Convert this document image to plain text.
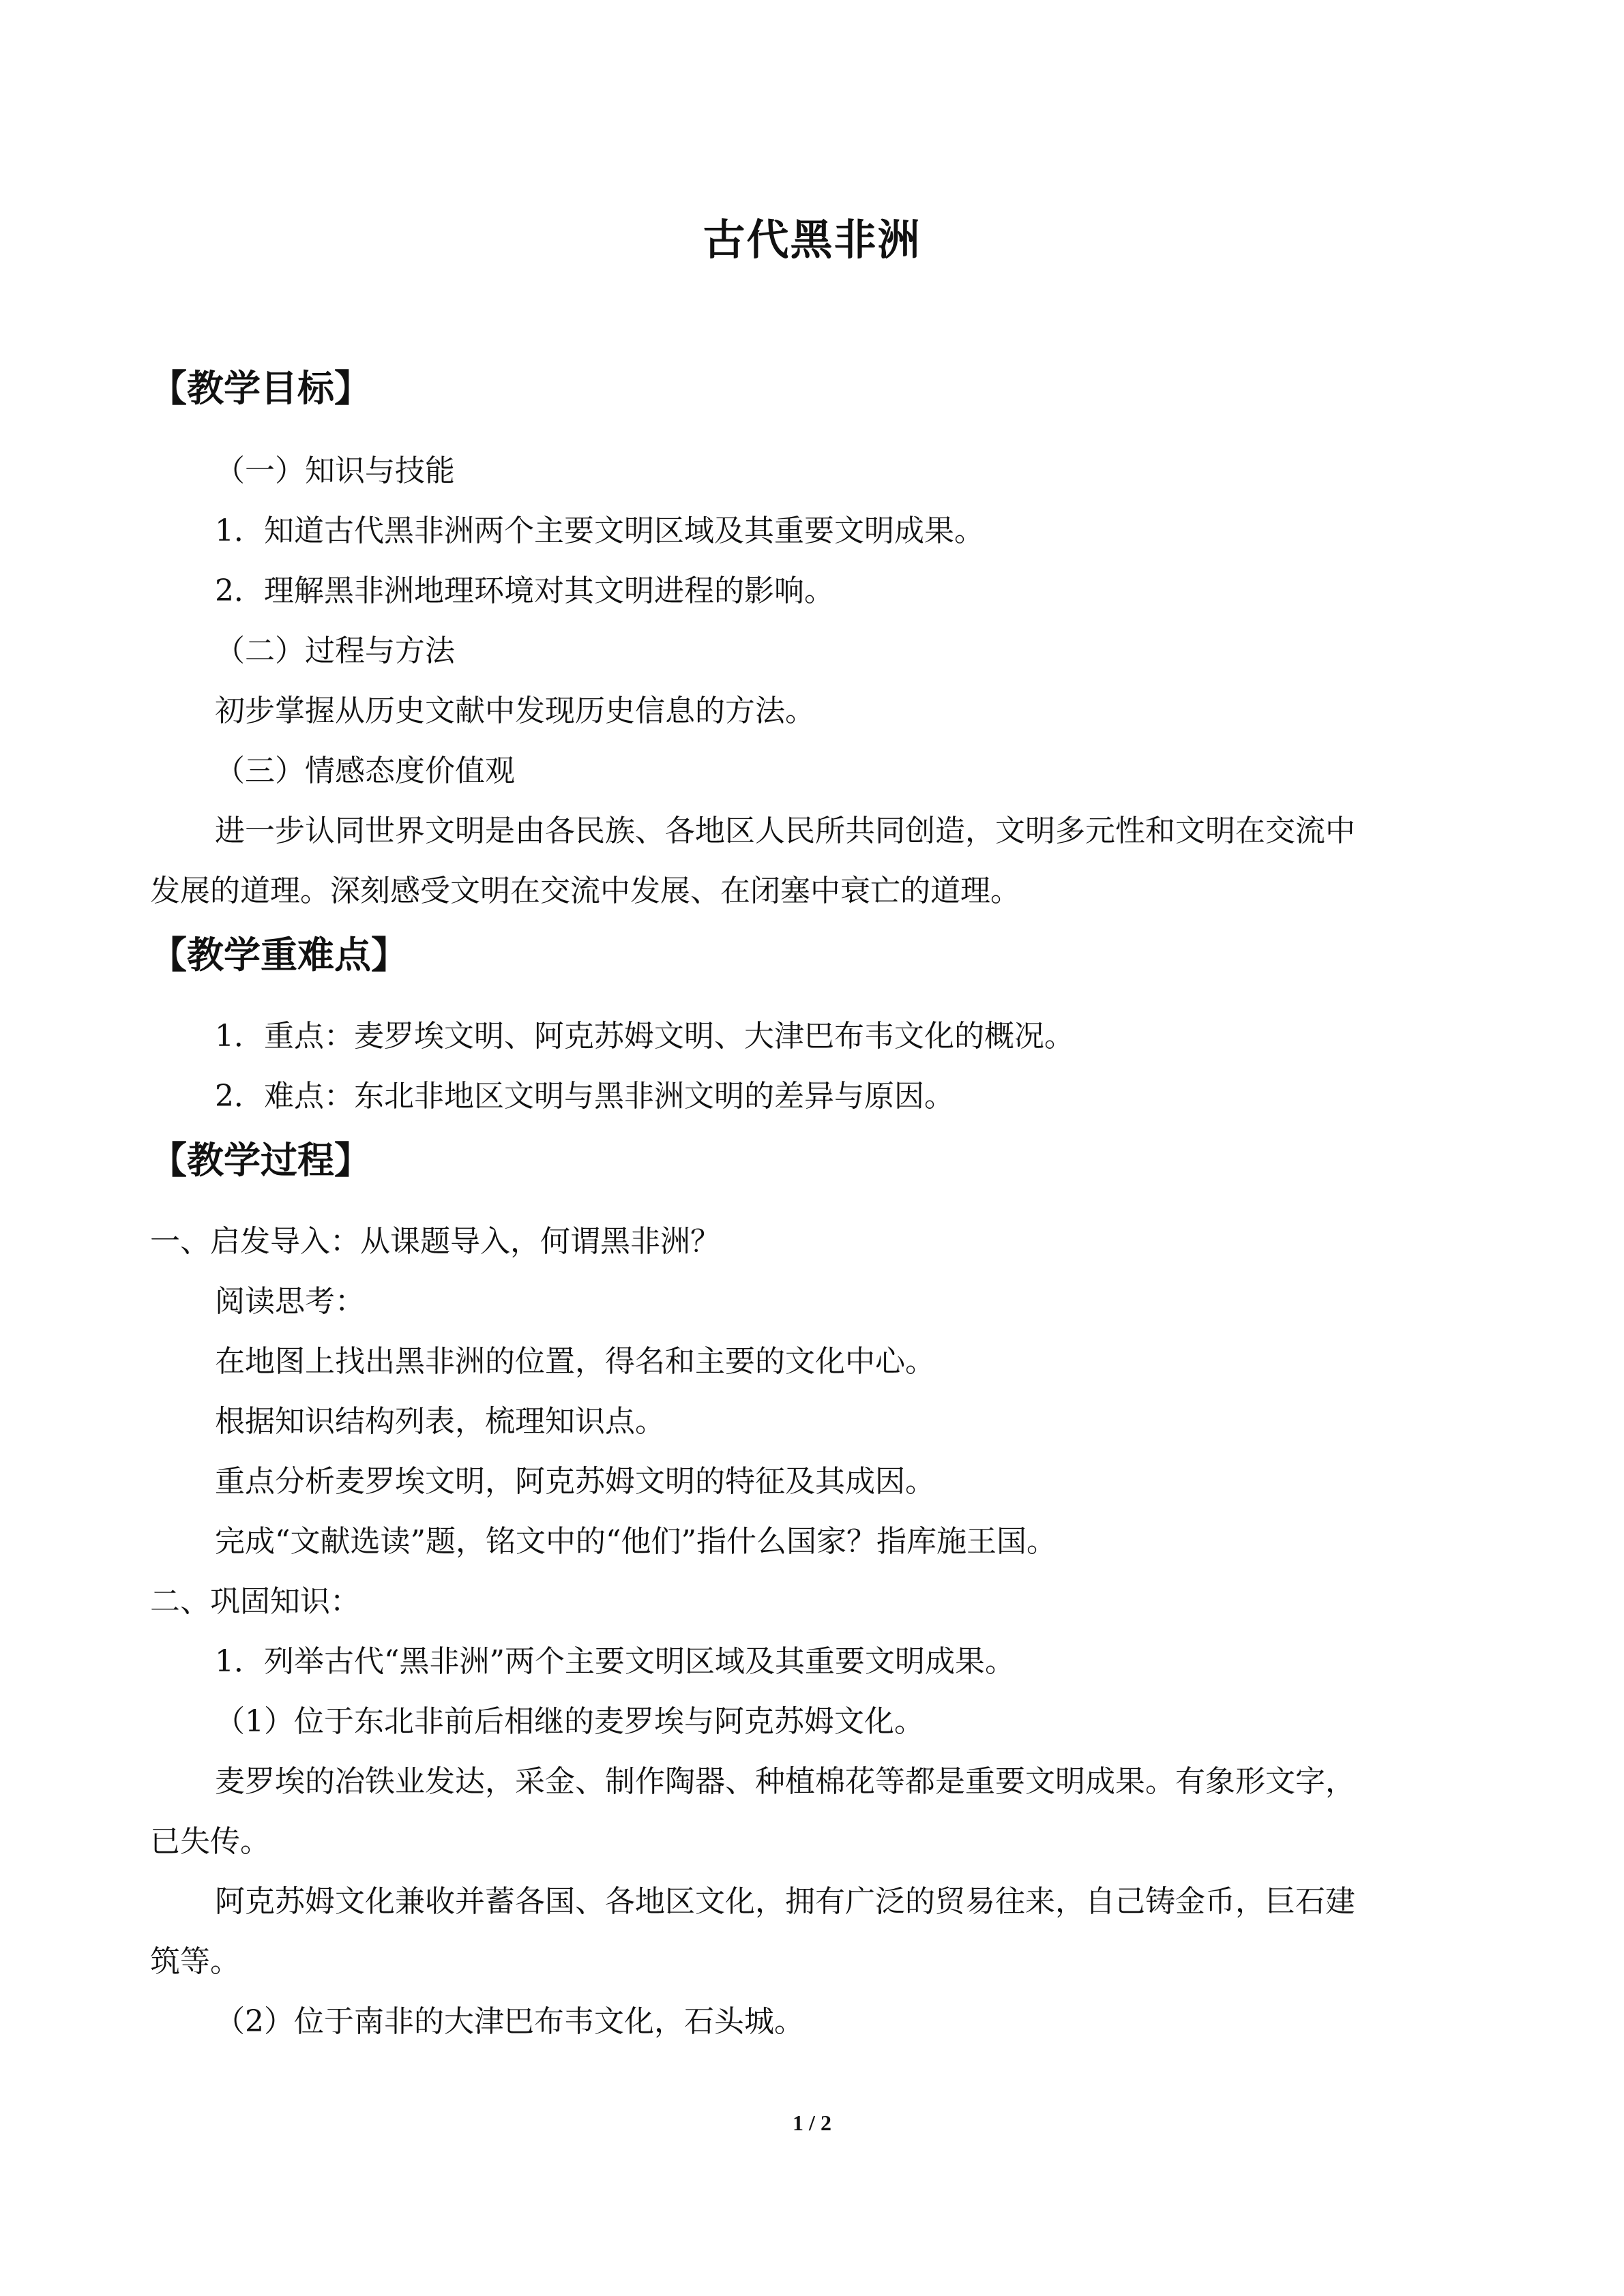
古代黑非洲
【教学目标】
（一）知识与技能
1．知道古代黑非洲两个主要文明区域及其重要文明成果。
2．理解黑非洲地理环境对其文明进程的影响。
（二）过程与方法
初步掌握从历史文献中发现历史信息的方法。
（三）情感态度价值观
进一步认同世界文明是由各民族、各地区人民所共同创造，文明多元性和文明在交流中
发展的道理。深刻感受文明在交流中发展、在闭塞中衰亡的道理。
【教学重难点】
1．重点：麦罗埃文明、阿克苏姆文明、大津巴布韦文化的概况。
2．难点：东北非地区文明与黑非洲文明的差异与原因。
【教学过程】
一、启发导入：从课题导入，何谓黑非洲？
阅读思考：
在地图上找出黑非洲的位置，得名和主要的文化中心。
根据知识结构列表，梳理知识点。
重点分析麦罗埃文明，阿克苏姆文明的特征及其成因。
完成“文献选读”题，铭文中的“他们”指什么国家？指库施王国。
二、巩固知识：
1．列举古代“黑非洲”两个主要文明区域及其重要文明成果。
（1）位于东北非前后相继的麦罗埃与阿克苏姆文化。
麦罗埃的冶铁业发达，采金、制作陶器、种植棉花等都是重要文明成果。有象形文字，
已失传。
阿克苏姆文化兼收并蓄各国、各地区文化，拥有广泛的贸易往来，自己铸金币，巨石建
筑等。
（2）位于南非的大津巴布韦文化，石头城。
1 / 2
